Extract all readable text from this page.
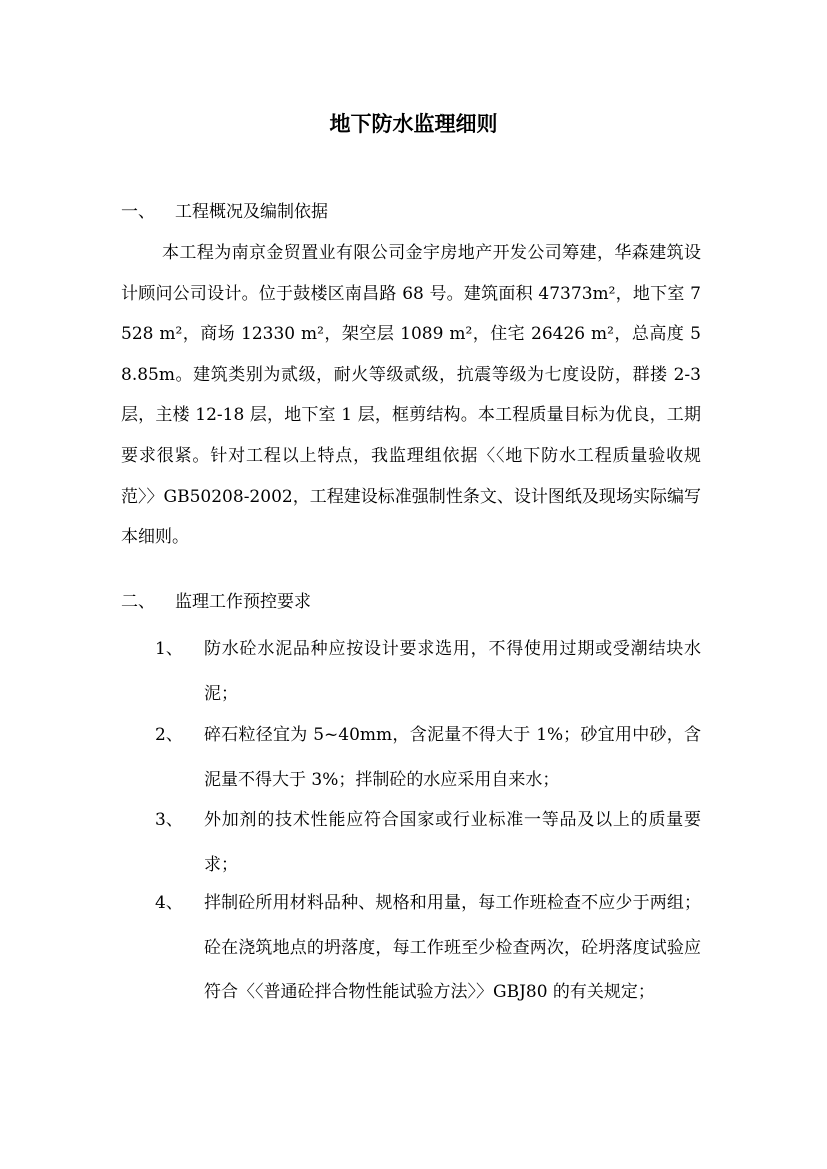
地下防水监理细则
一、 工程概况及编制依据
本工程为南京金贸置业有限公司金宇房地产开发公司筹建，华森建筑设计顾问公司设计。位于鼓楼区南昌路 68 号。建筑面积 47373m²，地下室 7528 m²，商场 12330 m²，架空层 1089 m²，住宅 26426 m²，总高度 58.85m。建筑类别为贰级，耐火等级贰级，抗震等级为七度设防，群搂 2-3 层，主楼 12-18 层，地下室 1 层，框剪结构。本工程质量目标为优良，工期要求很紧。针对工程以上特点，我监理组依据〈〈地下防水工程质量验收规范〉〉GB50208-2002，工程建设标准强制性条文、设计图纸及现场实际编写本细则。
二、 监理工作预控要求
1、 防水砼水泥品种应按设计要求选用，不得使用过期或受潮结块水泥；
2、 碎石粒径宜为 5~40mm，含泥量不得大于 1%；砂宜用中砂，含泥量不得大于 3%；拌制砼的水应采用自来水；
3、 外加剂的技术性能应符合国家或行业标准一等品及以上的质量要求；
4、 拌制砼所用材料品种、规格和用量，每工作班检查不应少于两组；砼在浇筑地点的坍落度，每工作班至少检查两次，砼坍落度试验应符合〈〈普通砼拌合物性能试验方法〉〉GBJ80 的有关规定；
